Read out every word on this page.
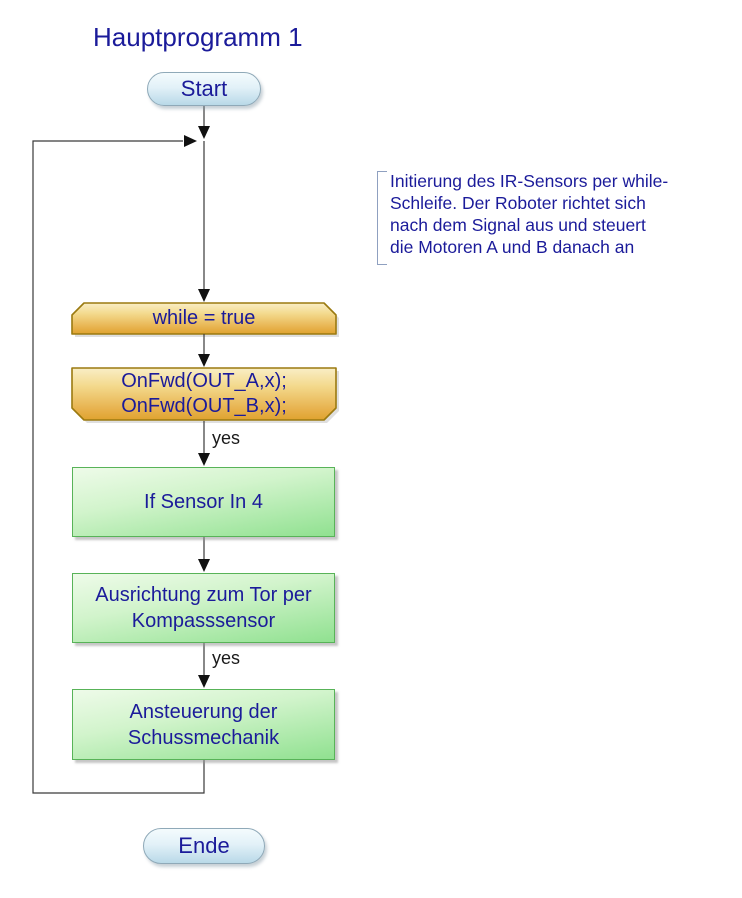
Hauptprogramm 1
Start
Initierung des IR-Sensors per while-
Schleife. Der Roboter richtet sich
nach dem Signal aus und steuert
die Motoren A und B danach an
while = true
OnFwd(OUT_A,x);
OnFwd(OUT_B,x);
yes
If Sensor In 4
Ausrichtung zum Tor per
Kompasssensor
yes
Ansteuerung der
Schussmechanik
Ende
